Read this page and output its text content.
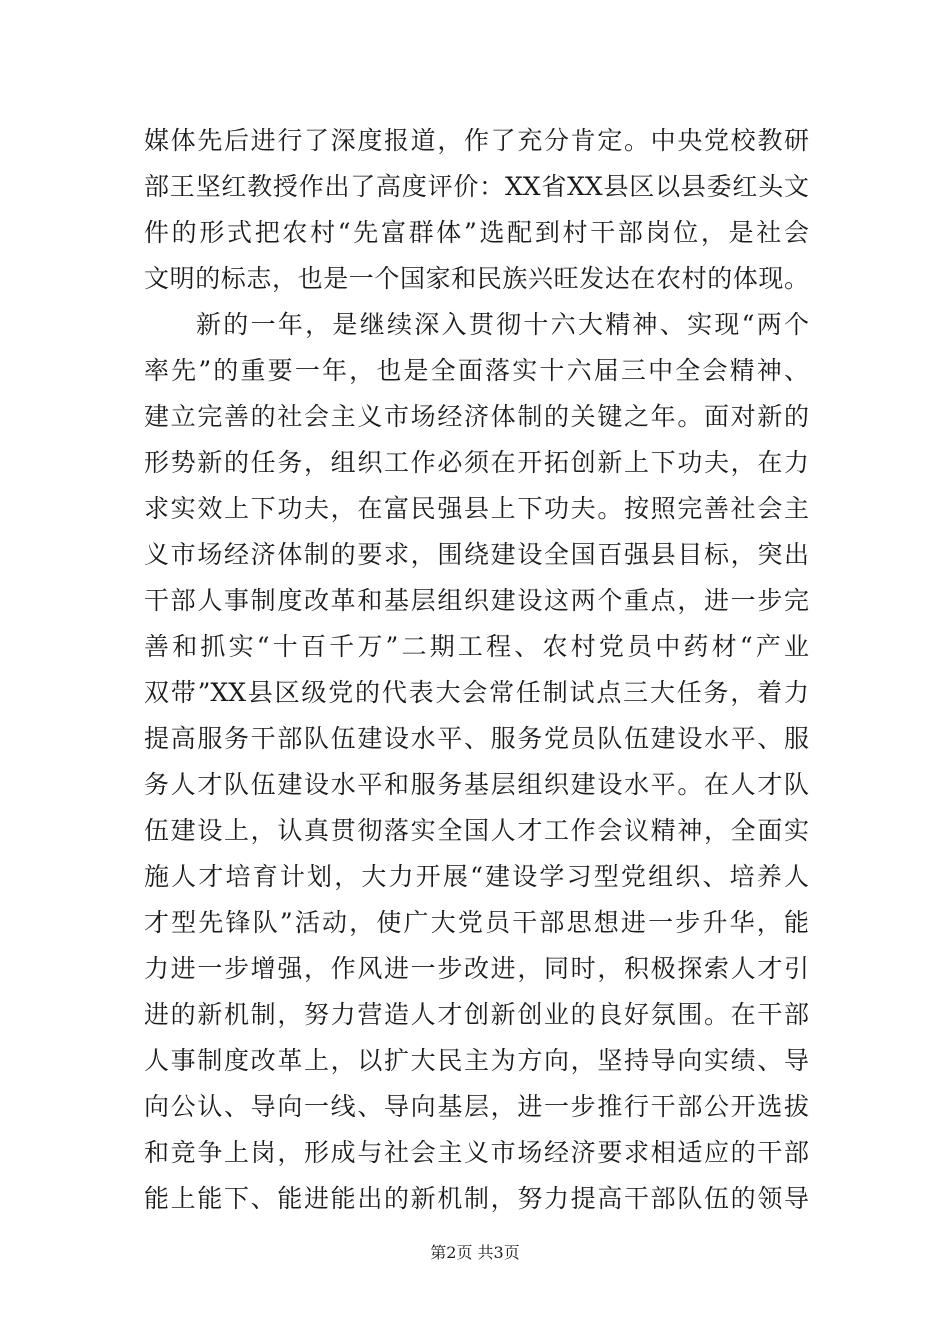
媒体先后进行了深度报道，作了充分肯定。中央党校教研
部王坚红教授作出了高度评价：XX省XX县区以县委红头文
件的形式把农村“先富群体”选配到村干部岗位，是社会
文明的标志，也是一个国家和民族兴旺发达在农村的体现。
新的一年，是继续深入贯彻十六大精神、实现“两个
率先”的重要一年，也是全面落实十六届三中全会精神、
建立完善的社会主义市场经济体制的关键之年。面对新的
形势新的任务，组织工作必须在开拓创新上下功夫，在力
求实效上下功夫，在富民强县上下功夫。按照完善社会主
义市场经济体制的要求，围绕建设全国百强县目标，突出
干部人事制度改革和基层组织建设这两个重点，进一步完
善和抓实“十百千万”二期工程、农村党员中药材“产业
双带”XX县区级党的代表大会常任制试点三大任务，着力
提高服务干部队伍建设水平、服务党员队伍建设水平、服
务人才队伍建设水平和服务基层组织建设水平。在人才队
伍建设上，认真贯彻落实全国人才工作会议精神，全面实
施人才培育计划，大力开展“建设学习型党组织、培养人
才型先锋队”活动，使广大党员干部思想进一步升华，能
力进一步增强，作风进一步改进，同时，积极探索人才引
进的新机制，努力营造人才创新创业的良好氛围。在干部
人事制度改革上，以扩大民主为方向，坚持导向实绩、导
向公认、导向一线、导向基层，进一步推行干部公开选拔
和竞争上岗，形成与社会主义市场经济要求相适应的干部
能上能下、能进能出的新机制，努力提高干部队伍的领导
第2页 共3页
